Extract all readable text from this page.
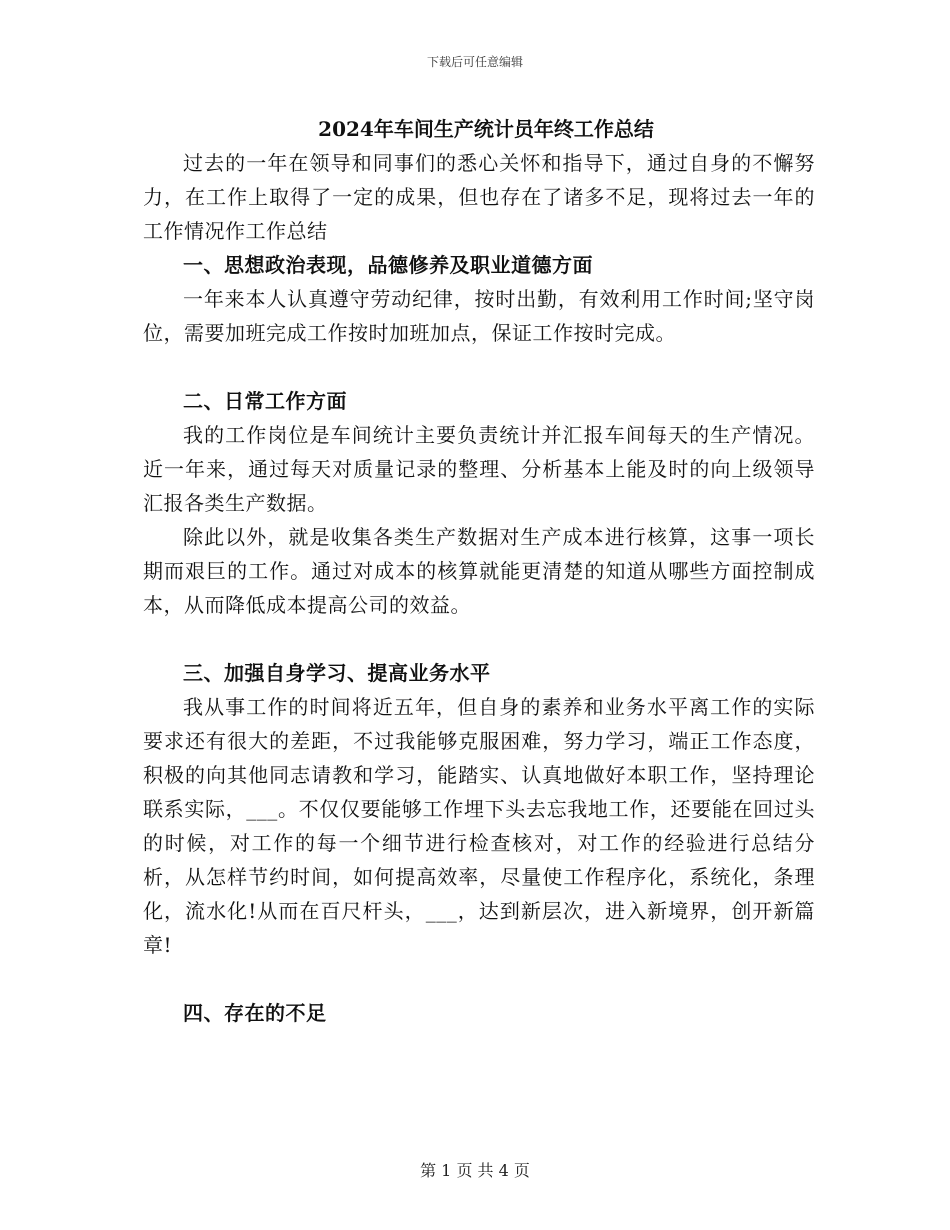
下载后可任意编辑

2024年车间生产统计员年终工作总结

过去的一年在领导和同事们的悉心关怀和指导下，通过自身的不懈努力，在工作上取得了一定的成果，但也存在了诸多不足，现将过去一年的工作情况作工作总结

一、思想政治表现，品德修养及职业道德方面

一年来本人认真遵守劳动纪律，按时出勤，有效利用工作时间;坚守岗位，需要加班完成工作按时加班加点，保证工作按时完成。

二、日常工作方面

我的工作岗位是车间统计主要负责统计并汇报车间每天的生产情况。近一年来，通过每天对质量记录的整理、分析基本上能及时的向上级领导汇报各类生产数据。

除此以外，就是收集各类生产数据对生产成本进行核算，这事一项长期而艰巨的工作。通过对成本的核算就能更清楚的知道从哪些方面控制成本，从而降低成本提高公司的效益。

三、加强自身学习、提高业务水平

我从事工作的时间将近五年，但自身的素养和业务水平离工作的实际要求还有很大的差距，不过我能够克服困难，努力学习，端正工作态度，积极的向其他同志请教和学习，能踏实、认真地做好本职工作，坚持理论联系实际，___。不仅仅要能够工作埋下头去忘我地工作，还要能在回过头的时候，对工作的每一个细节进行检查核对，对工作的经验进行总结分析，从怎样节约时间，如何提高效率，尽量使工作程序化，系统化，条理化，流水化!从而在百尺杆头，___，达到新层次，进入新境界，创开新篇章!

四、存在的不足

第 1 页 共 4 页
